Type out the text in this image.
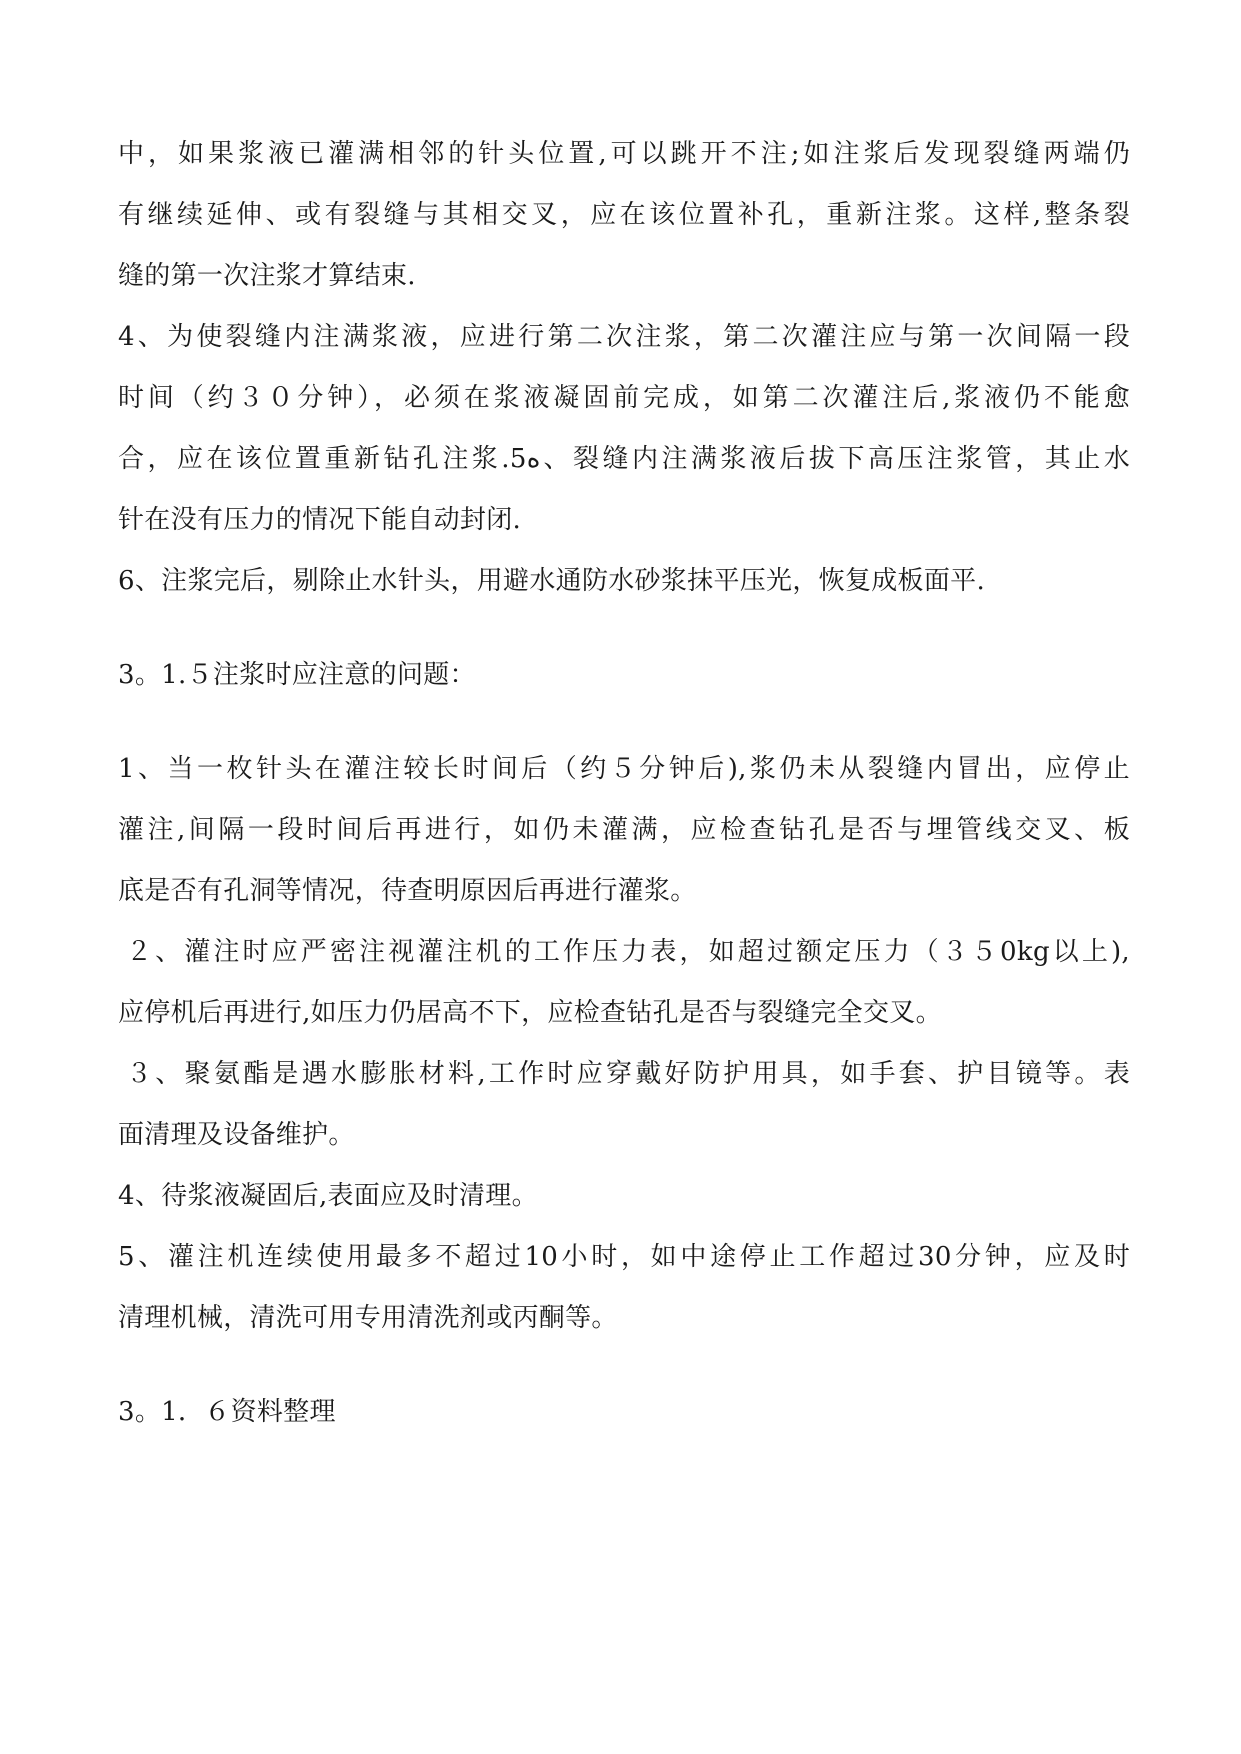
中，如果浆液已灌满相邻的针头位置,可以跳开不注;如注浆后发现裂缝两端仍
有继续延伸、或有裂缝与其相交叉，应在该位置补孔，重新注浆。这样,整条裂
缝的第一次注浆才算结束.
4、为使裂缝内注满浆液，应进行第二次注浆，第二次灌注应与第一次间隔一段
时间（约３０分钟），必须在浆液凝固前完成，如第二次灌注后,浆液仍不能愈
合，应在该位置重新钻孔注浆.5ه、裂缝内注满浆液后拔下高压注浆管，其止水
针在没有压力的情况下能自动封闭.
6、注浆完后，剔除止水针头，用避水通防水砂浆抹平压光，恢复成板面平.
3。1.５注浆时应注意的问题：
1、当一枚针头在灌注较长时间后（约５分钟后),浆仍未从裂缝内冒出，应停止
灌注,间隔一段时间后再进行，如仍未灌满，应检查钻孔是否与埋管线交叉、板
底是否有孔洞等情况，待查明原因后再进行灌浆。
２、灌注时应严密注视灌注机的工作压力表，如超过额定压力（３５0kg以上),
应停机后再进行,如压力仍居高不下，应检查钻孔是否与裂缝完全交叉。
３、聚氨酯是遇水膨胀材料,工作时应穿戴好防护用具，如手套、护目镜等。表
面清理及设备维护。
4、待浆液凝固后,表面应及时清理。
5、灌注机连续使用最多不超过10小时，如中途停止工作超过30分钟，应及时
清理机械，清洗可用专用清洗剂或丙酮等。
3。1．６资料整理
